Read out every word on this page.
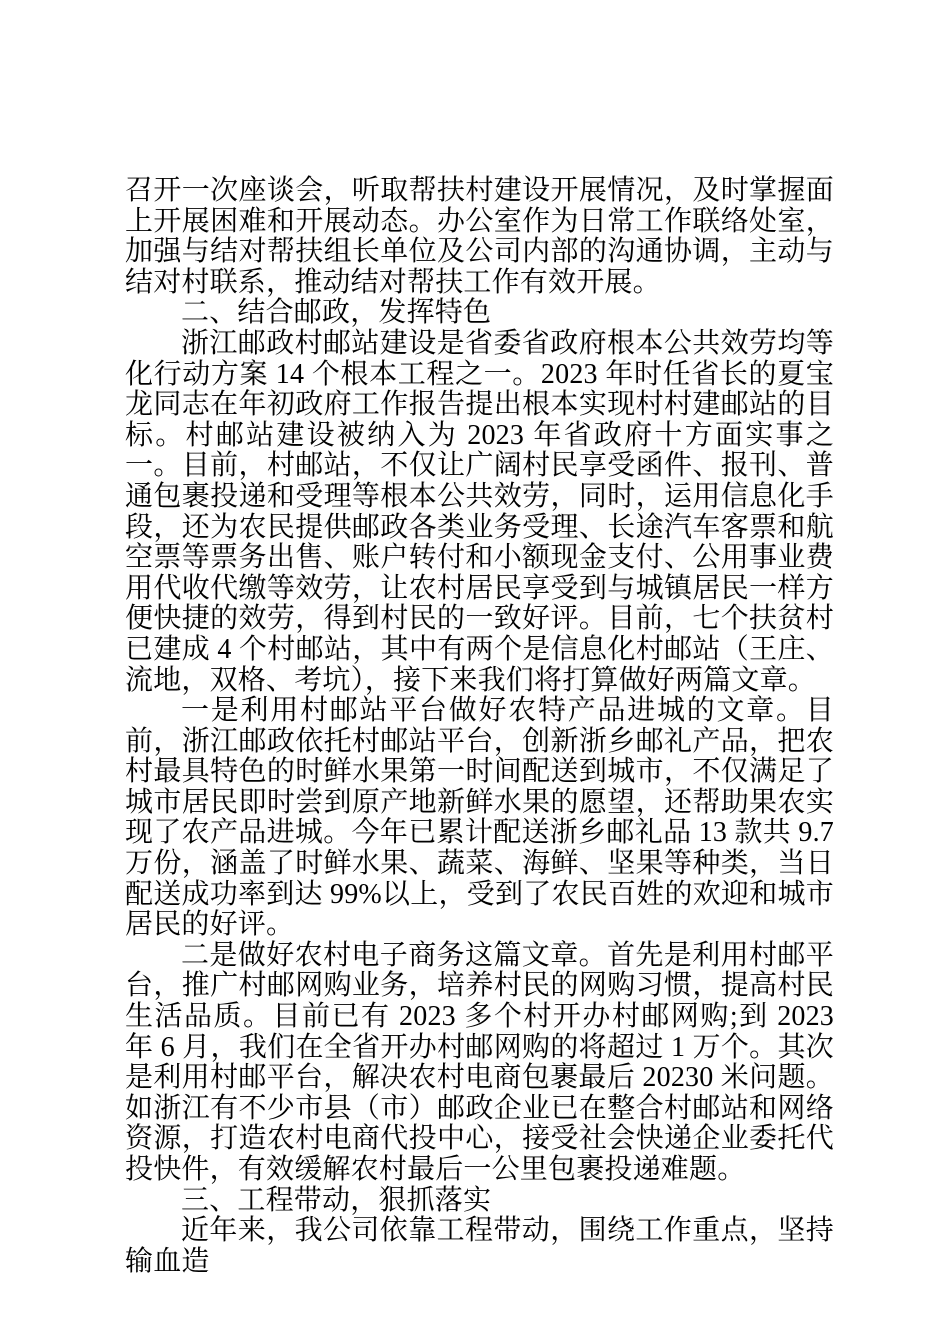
召开一次座谈会，听取帮扶村建设开展情况，及时掌握面上开展困难和开展动态。办公室作为日常工作联络处室，加强与结对帮扶组长单位及公司内部的沟通协调，主动与结对村联系，推动结对帮扶工作有效开展。

二、结合邮政，发挥特色

浙江邮政村邮站建设是省委省政府根本公共效劳均等化行动方案 14 个根本工程之一。2023 年时任省长的夏宝龙同志在年初政府工作报告提出根本实现村村建邮站的目标。村邮站建设被纳入为 2023 年省政府十方面实事之一。目前，村邮站，不仅让广阔村民享受函件、报刊、普通包裹投递和受理等根本公共效劳，同时，运用信息化手段，还为农民提供邮政各类业务受理、长途汽车客票和航空票等票务出售、账户转付和小额现金支付、公用事业费用代收代缴等效劳，让农村居民享受到与城镇居民一样方便快捷的效劳，得到村民的一致好评。目前，七个扶贫村已建成 4 个村邮站，其中有两个是信息化村邮站（王庄、流地，双格、考坑），接下来我们将打算做好两篇文章。

一是利用村邮站平台做好农特产品进城的文章。目前，浙江邮政依托村邮站平台，创新浙乡邮礼产品，把农村最具特色的时鲜水果第一时间配送到城市，不仅满足了城市居民即时尝到原产地新鲜水果的愿望，还帮助果农实现了农产品进城。今年已累计配送浙乡邮礼品 13 款共 9.7 万份，涵盖了时鲜水果、蔬菜、海鲜、坚果等种类，当日配送成功率到达 99%以上，受到了农民百姓的欢迎和城市居民的好评。

二是做好农村电子商务这篇文章。首先是利用村邮平台，推广村邮网购业务，培养村民的网购习惯，提高村民生活品质。目前已有 2023 多个村开办村邮网购;到 2023 年 6 月，我们在全省开办村邮网购的将超过 1 万个。其次是利用村邮平台，解决农村电商包裹最后 20230 米问题。如浙江有不少市县（市）邮政企业已在整合村邮站和网络资源，打造农村电商代投中心，接受社会快递企业委托代投快件，有效缓解农村最后一公里包裹投递难题。

三、工程带动，狠抓落实

近年来，我公司依靠工程带动，围绕工作重点，坚持输血造
